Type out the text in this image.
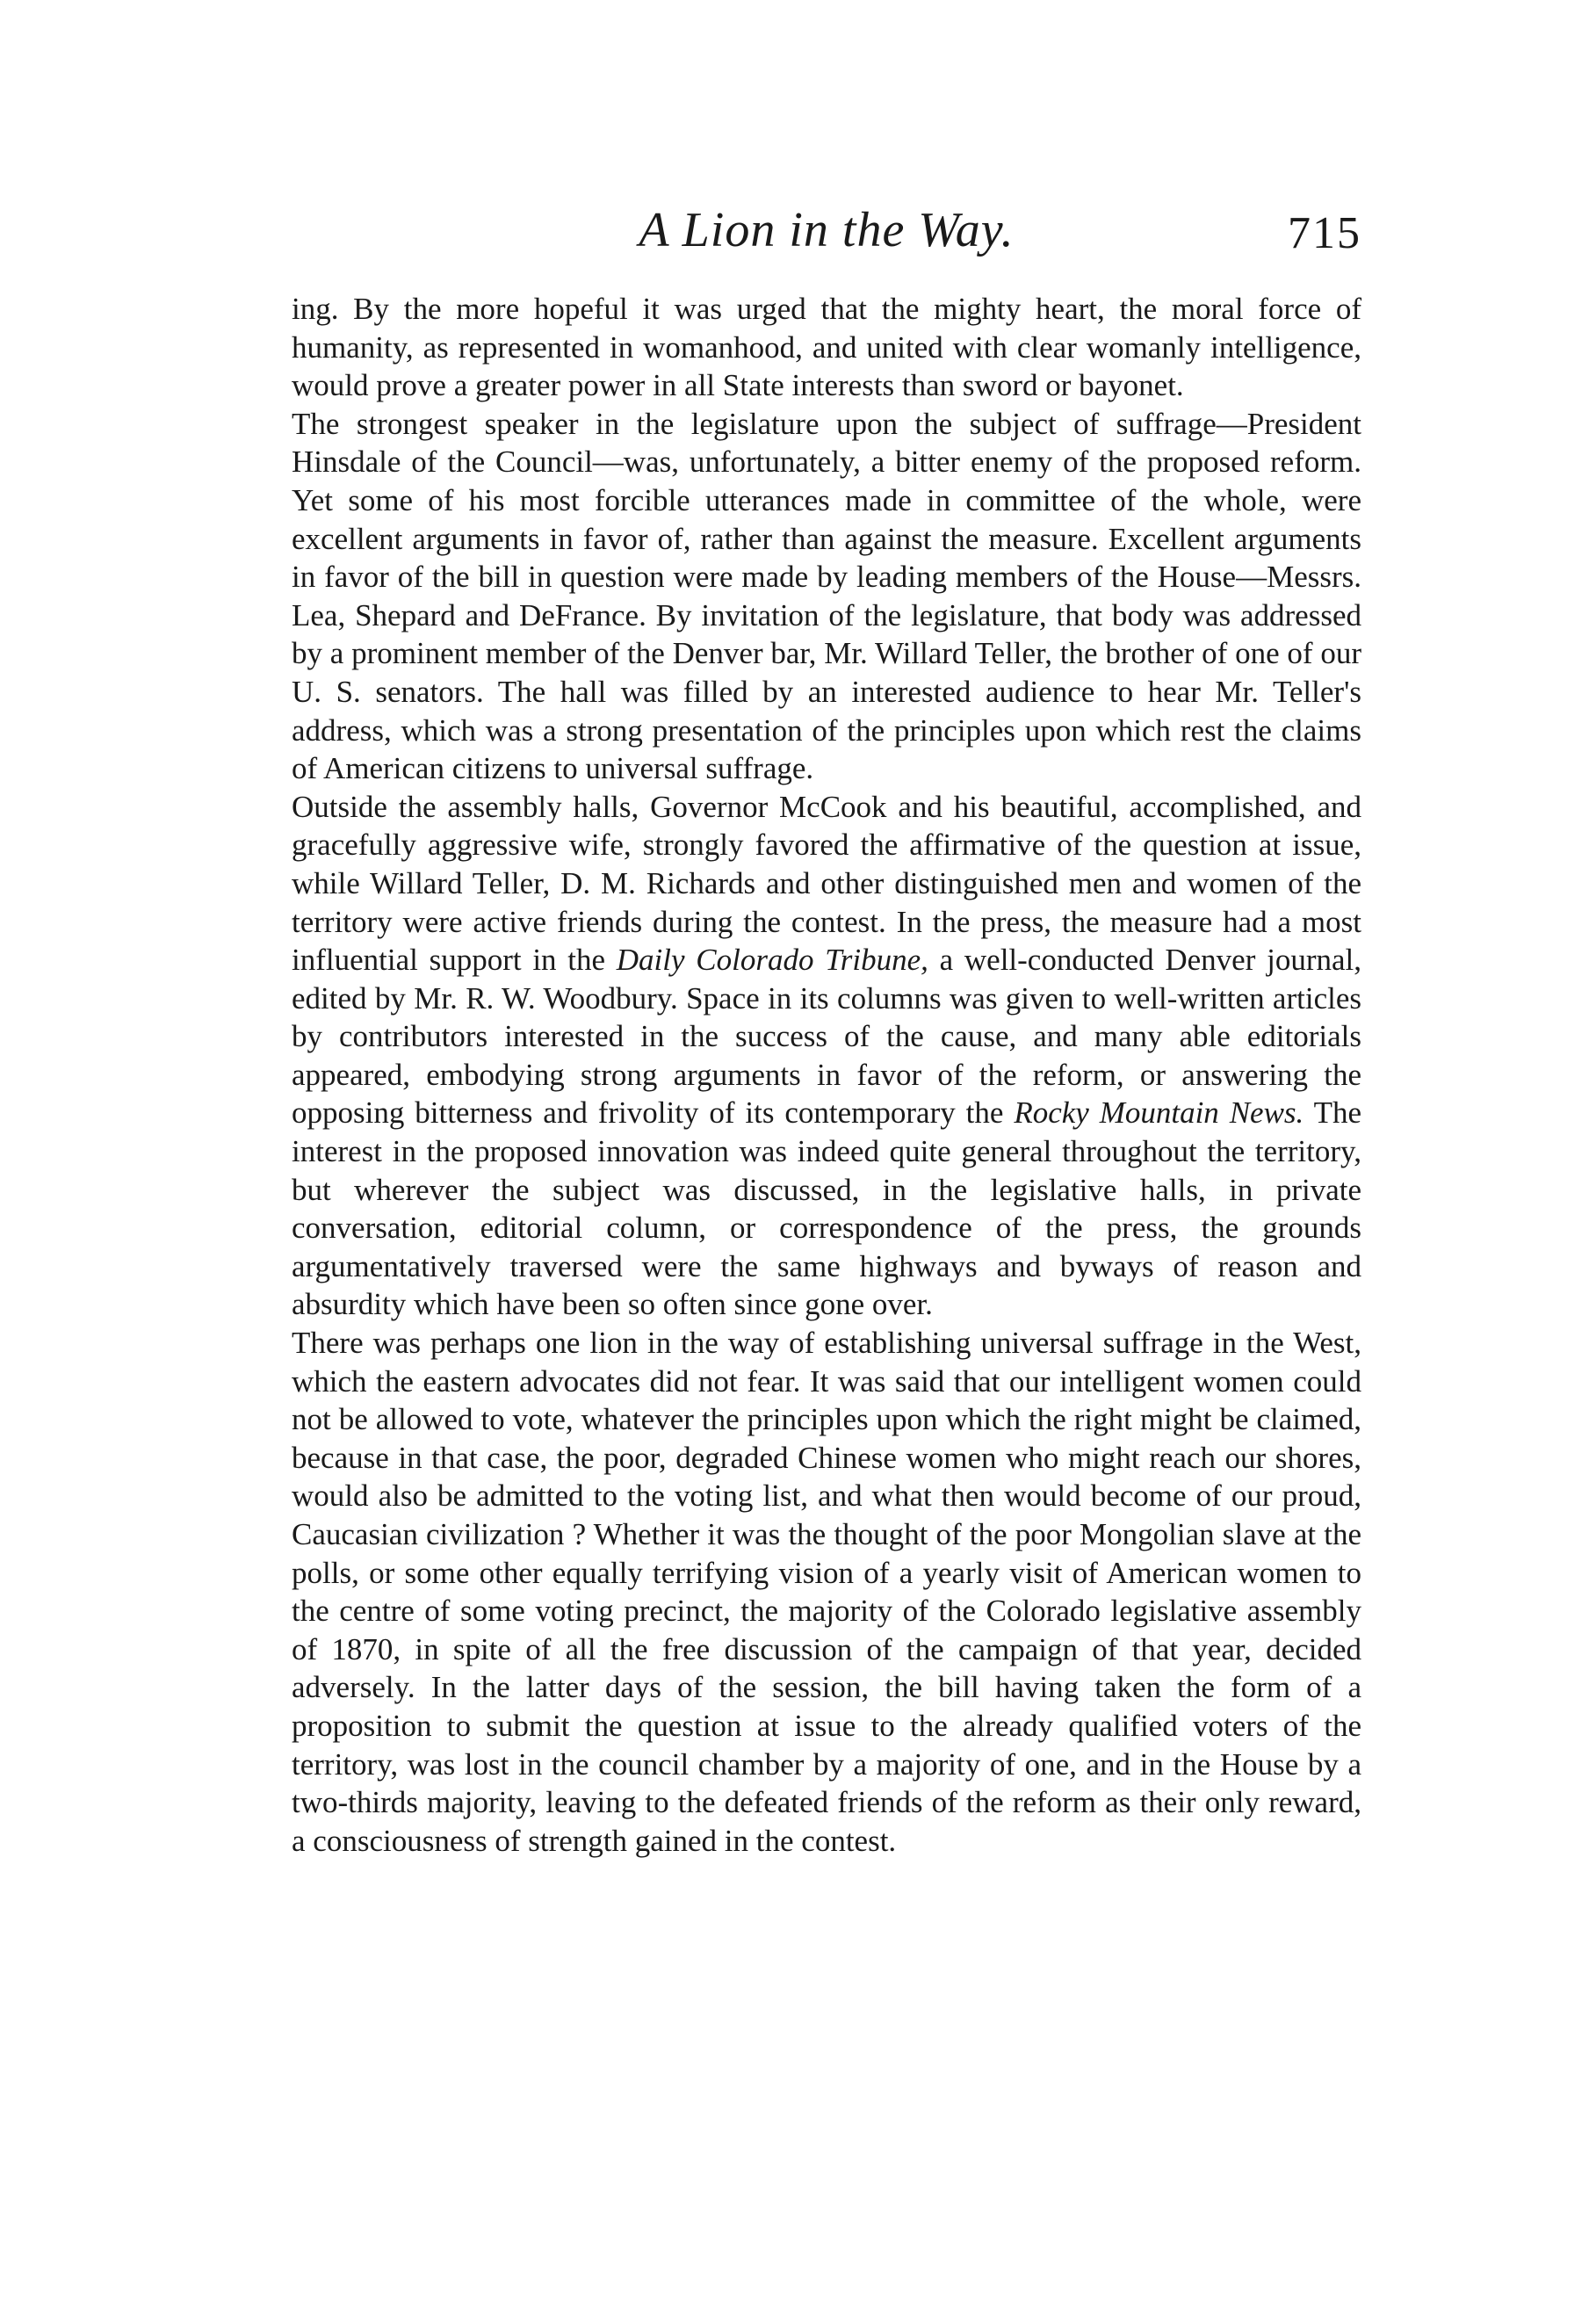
A Lion in the Way.	715

ing. By the more hopeful it was urged that the mighty heart, the moral force of humanity, as represented in womanhood, and united with clear womanly intelligence, would prove a greater power in all State interests than sword or bayonet.

The strongest speaker in the legislature upon the subject of suffrage—President Hinsdale of the Council—was, unfortunately, a bitter enemy of the proposed reform. Yet some of his most forcible utterances made in committee of the whole, were excellent arguments in favor of, rather than against the measure. Excellent arguments in favor of the bill in question were made by leading members of the House—Messrs. Lea, Shepard and DeFrance. By invitation of the legislature, that body was addressed by a prominent member of the Denver bar, Mr. Willard Teller, the brother of one of our U. S. senators. The hall was filled by an interested audience to hear Mr. Teller's address, which was a strong presentation of the principles upon which rest the claims of American citizens to universal suffrage.

Outside the assembly halls, Governor McCook and his beautiful, accomplished, and gracefully aggressive wife, strongly favored the affirmative of the question at issue, while Willard Teller, D. M. Richards and other distinguished men and women of the territory were active friends during the contest. In the press, the measure had a most influential support in the Daily Colorado Tribune, a well-conducted Denver journal, edited by Mr. R. W. Woodbury. Space in its columns was given to well-written articles by contributors interested in the success of the cause, and many able editorials appeared, embodying strong arguments in favor of the reform, or answering the opposing bitterness and frivolity of its contemporary the Rocky Mountain News. The interest in the proposed innovation was indeed quite general throughout the territory, but wherever the subject was discussed, in the legislative halls, in private conversation, editorial column, or correspondence of the press, the grounds argumentatively traversed were the same highways and byways of reason and absurdity which have been so often since gone over.

There was perhaps one lion in the way of establishing universal suffrage in the West, which the eastern advocates did not fear. It was said that our intelligent women could not be allowed to vote, whatever the principles upon which the right might be claimed, because in that case, the poor, degraded Chinese women who might reach our shores, would also be admitted to the voting list, and what then would become of our proud, Caucasian civilization ? Whether it was the thought of the poor Mongolian slave at the polls, or some other equally terrifying vision of a yearly visit of American women to the centre of some voting precinct, the majority of the Colorado legislative assembly of 1870, in spite of all the free discussion of the campaign of that year, decided adversely. In the latter days of the session, the bill having taken the form of a proposition to submit the question at issue to the already qualified voters of the territory, was lost in the council chamber by a majority of one, and in the House by a two-thirds majority, leaving to the defeated friends of the reform as their only reward, a consciousness of strength gained in the contest.
